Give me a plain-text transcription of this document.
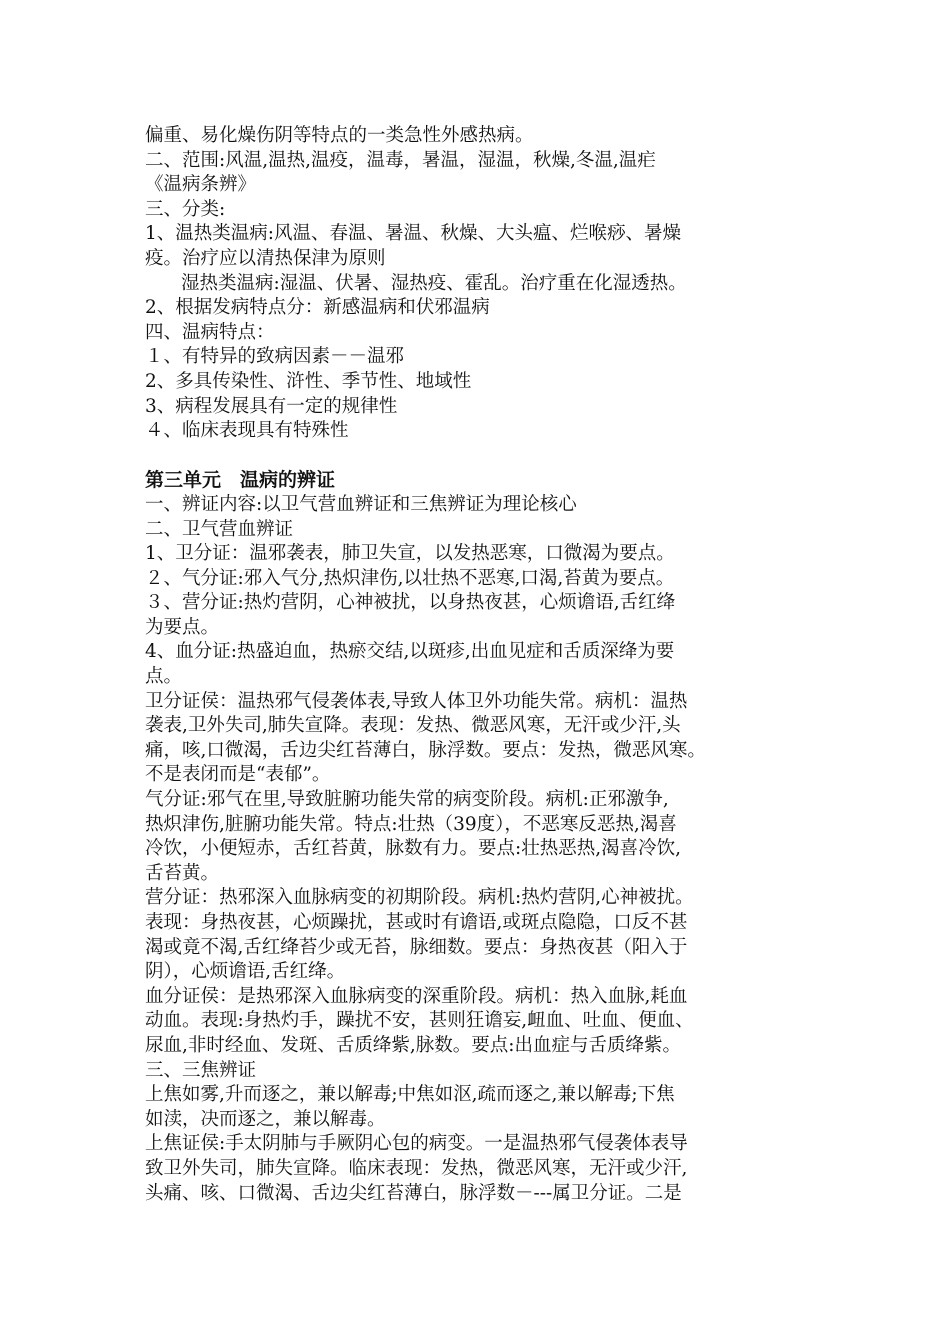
偏重、易化燥伤阴等特点的一类急性外感热病。
二、范围:风温,温热,温疫，温毒，暑温，湿温，秋燥,冬温,温疟
《温病条辨》
三、分类:
1、温热类温病:风温、春温、暑温、秋燥、大头瘟、烂喉痧、暑燥
疫。治疗应以清热保津为原则
湿热类温病:湿温、伏暑、湿热疫、霍乱。治疗重在化湿透热。
2、根据发病特点分：新感温病和伏邪温病
四、温病特点：
１、有特异的致病因素－－温邪
2、多具传染性、浒性、季节性、地域性
3、病程发展具有一定的规律性
４、临床表现具有特殊性
第三单元　温病的辨证
一、辨证内容:以卫气营血辨证和三焦辨证为理论核心
二、卫气营血辨证
1、卫分证：温邪袭表，肺卫失宣，以发热恶寒，口微渴为要点。
２、气分证:邪入气分,热炽津伤,以壮热不恶寒,口渴,苔黄为要点。
３、营分证:热灼营阴，心神被扰，以身热夜甚，心烦谵语,舌红绛
为要点。
4、血分证:热盛迫血，热瘀交结,以斑疹,出血见症和舌质深绛为要
点。
卫分证侯：温热邪气侵袭体表,导致人体卫外功能失常。病机：温热
袭表,卫外失司,肺失宣降。表现：发热、微恶风寒，无汗或少汗,头
痛，咳,口微渴，舌边尖红苔薄白，脉浮数。要点：发热，微恶风寒。
不是表闭而是“表郁”。
气分证:邪气在里,导致脏腑功能失常的病变阶段。病机:正邪激争,
热炽津伤,脏腑功能失常。特点:壮热（39度），不恶寒反恶热,渴喜
冷饮，小便短赤，舌红苔黄，脉数有力。要点:壮热恶热,渴喜冷饮,
舌苔黄。
营分证：热邪深入血脉病变的初期阶段。病机:热灼营阴,心神被扰。
表现：身热夜甚，心烦躁扰，甚或时有谵语,或斑点隐隐，口反不甚
渴或竟不渴,舌红绛苔少或无苔，脉细数。要点：身热夜甚（阳入于
阴），心烦谵语,舌红绛。
血分证侯：是热邪深入血脉病变的深重阶段。病机：热入血脉,耗血
动血。表现:身热灼手，躁扰不安，甚则狂谵妄,衄血、吐血、便血、
尿血,非时经血、发斑、舌质绛紫,脉数。要点:出血症与舌质绛紫。
三、三焦辨证
上焦如雾,升而逐之，兼以解毒;中焦如沤,疏而逐之,兼以解毒;下焦
如渎，决而逐之，兼以解毒。
上焦证侯:手太阴肺与手厥阴心包的病变。一是温热邪气侵袭体表导
致卫外失司，肺失宣降。临床表现：发热，微恶风寒，无汗或少汗,
头痛、咳、口微渴、舌边尖红苔薄白，脉浮数－---属卫分证。二是
